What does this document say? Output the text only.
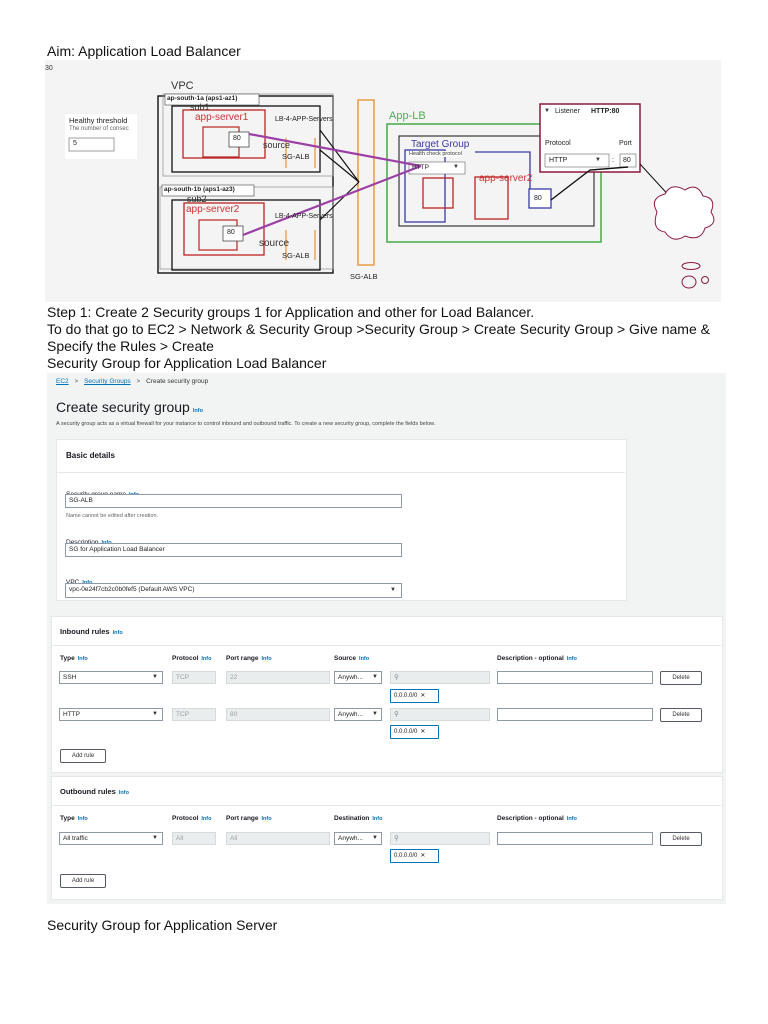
Aim: Application Load Balancer
30
Healthy threshold
The number of consec
5
VPC
ap-south-1a (aps1-az1)
sub1
app-server1	LB-4-APP-Servers
80
source
SG-ALB
ap-south-1b (aps1-az3)
sub2
app-server2
LB-4-APP-Servers
80
source
SG-ALB
SG-ALB
App-LB
Target Group
Health check protocol
HTTP	▼
app-server2
80
▼ Listener HTTP:80
Protocol	Port
HTTP	▼ : 80
Step 1: Create 2 Security groups 1 for Application and other for Load Balancer.
To do that go to EC2 > Network & Security Group >Security Group > Create Security Group > Give name &
Specify the Rules > Create
Security Group for Application Load Balancer
EC2 > Security Groups > Create security group
Create security group Info
A security group acts as a virtual firewall for your instance to control inbound and outbound traffic. To create a new security group, complete the fields below.
Basic details
SG-ALB
Name cannot be edited after creation.
SG for Application Load Balancer
vpc-0e24f7cb2c0b0fef5 (Default AWS VPC)	▼
Inbound rules Info
Type Info	Protocol Info Port range Info	Source Info	Description - optional Info
SSH	▼	TCP	22	Anywh... ▼	⚲
0.0.0.0/0 ✕
Delete
HTTP	▼	TCP	80	Anywh... ▼	⚲
0.0.0.0/0 ✕
Delete
Add rule
Outbound rules Info
Type Info	Protocol Info Port range Info	Destination Info	Description - optional Info
All traffic	▼	All	All	Anywh... ▼	⚲
0.0.0.0/0 ✕
Delete
Add rule
Security Group for Application Server
